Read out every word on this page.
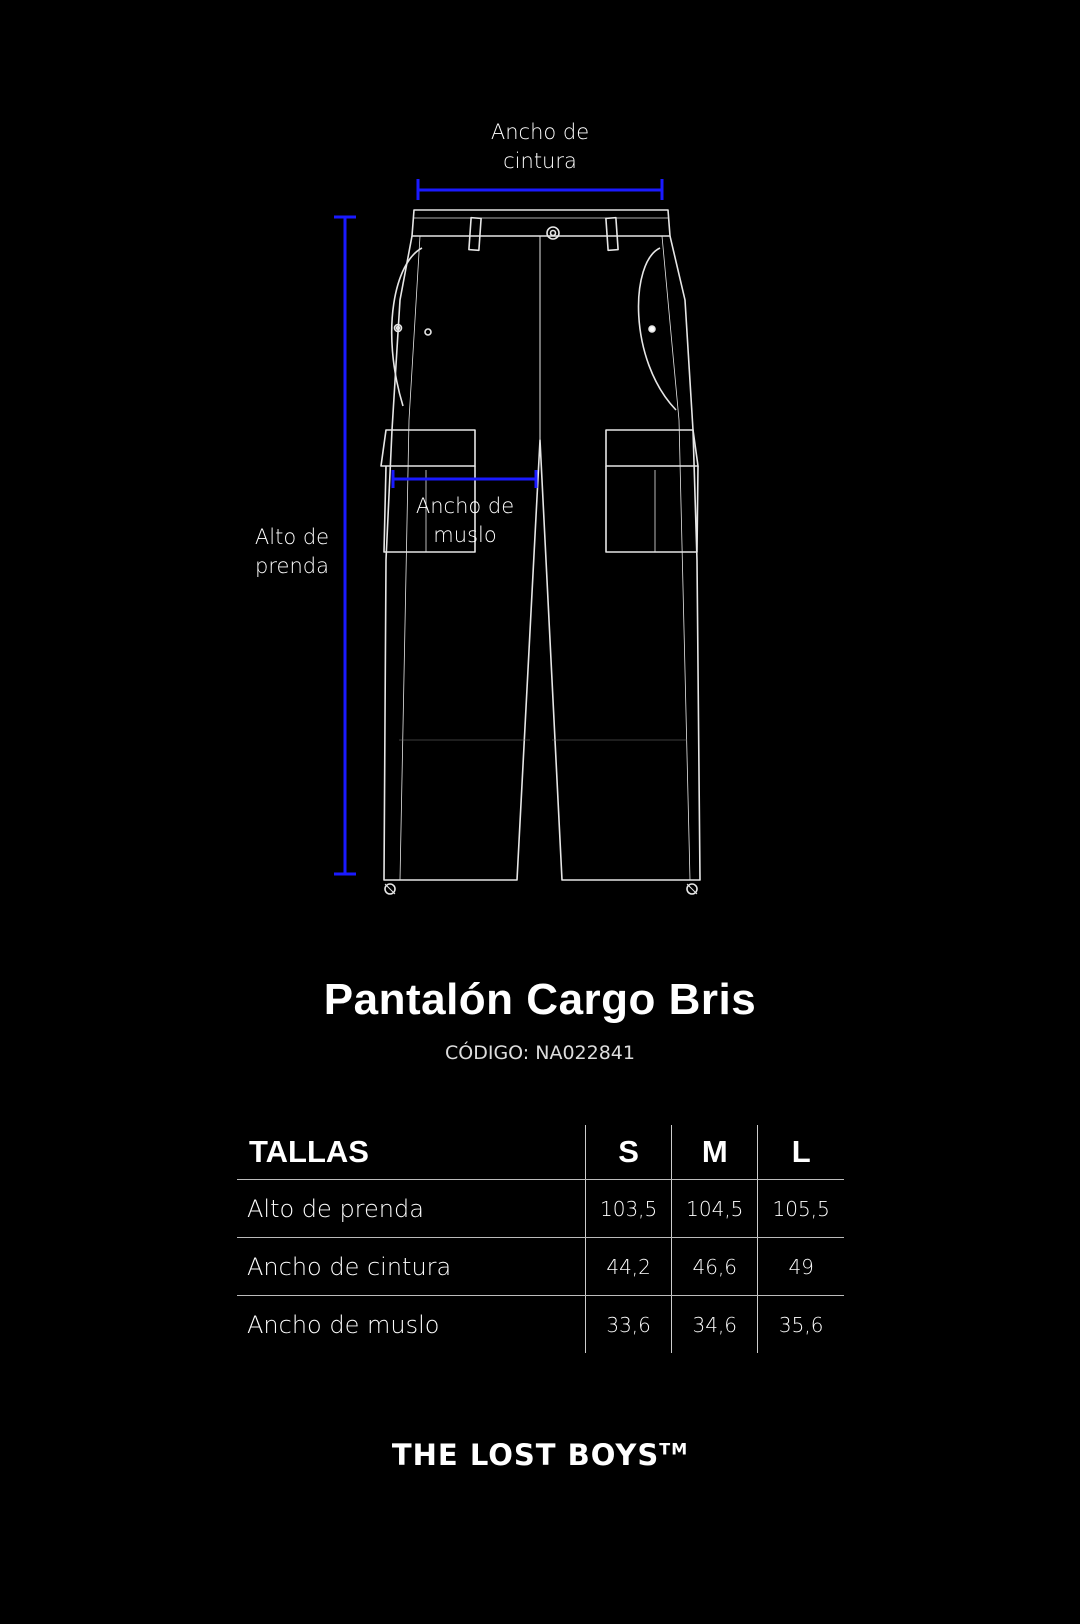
Ancho de
cintura
Alto de
prenda
Ancho de
muslo
Pantalón Cargo Bris
CÓDIGO: NA022841
TALLAS	S	M	L
Alto de prenda	103,5	104,5	105,5
Ancho de cintura	44,2	46,6	49
Ancho de muslo	33,6	34,6	35,6
THE LOST BOYS™
